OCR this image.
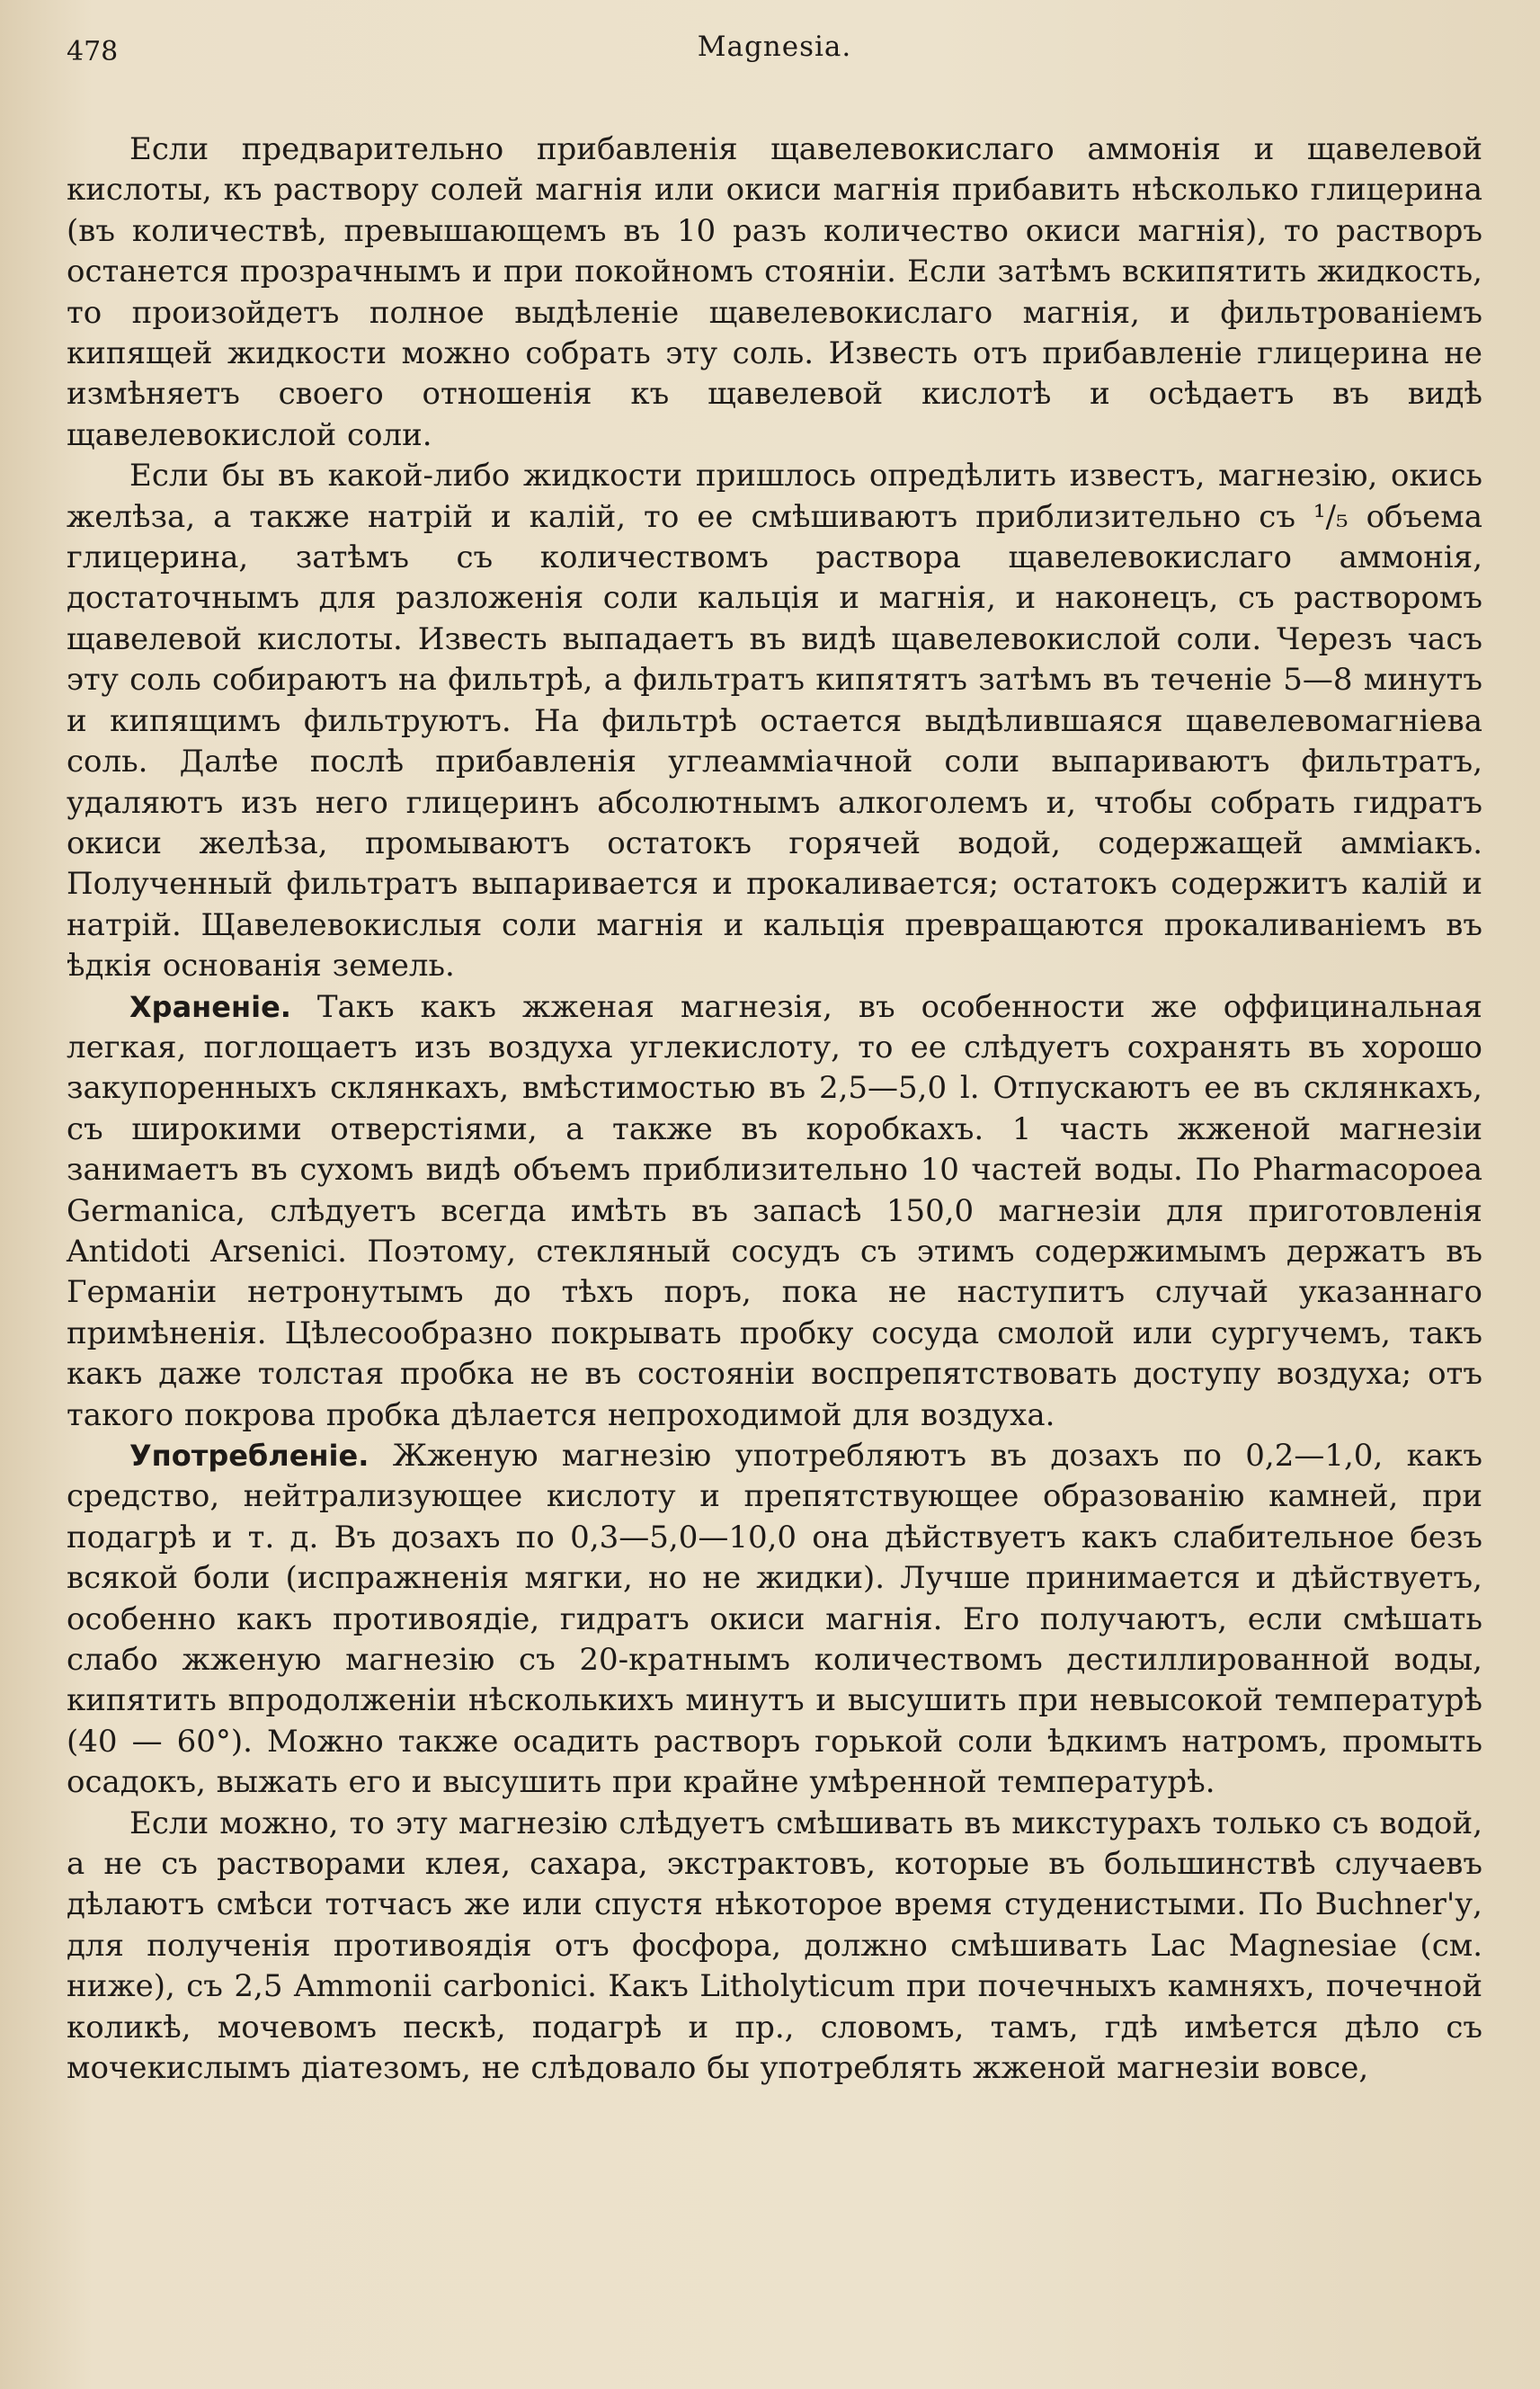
478	Magnesia.

Если предварительно прибавленія щавелевокислаго аммонія и щавелевой кислоты, къ раствору солей магнія или окиси магнія прибавить нѣсколько глицерина (въ количествѣ, превышающемъ въ 10 разъ количество окиси магнія), то растворъ останется прозрачнымъ и при покойномъ стояніи. Если затѣмъ вскипятить жидкость, то произойдетъ полное выдѣленіе щавелевокислаго магнія, и фильтрованіемъ кипящей жидкости можно собрать эту соль. Известь отъ прибавленіе глицерина не измѣняетъ своего отношенія къ щавелевой кислотѣ и осѣдаетъ въ видѣ щавелевокислой соли.

Если бы въ какой-либо жидкости пришлось опредѣлить известъ, магнезію, окись желѣза, а также натрій и калій, то ее смѣшиваютъ приблизительно съ ¹/₅ объема глицерина, затѣмъ съ количествомъ раствора щавелевокислаго аммонія, достаточнымъ для разложенія соли кальція и магнія, и наконецъ, съ растворомъ щавелевой кислоты. Известь выпадаетъ въ видѣ щавелевокислой соли. Черезъ часъ эту соль собираютъ на фильтрѣ, а фильтратъ кипятятъ затѣмъ въ теченіе 5—8 минутъ и кипящимъ фильтруютъ. На фильтрѣ остается выдѣлившаяся щавелевомагніева соль. Далѣе послѣ прибавленія углеамміачной соли выпариваютъ фильтратъ, удаляютъ изъ него глицеринъ абсолютнымъ алкоголемъ и, чтобы собрать гидратъ окиси желѣза, промываютъ остатокъ горячей водой, содержащей амміакъ. Полученный фильтратъ выпаривается и прокаливается; остатокъ содержитъ калій и натрій. Щавелевокислыя соли магнія и кальція превращаются прокаливаніемъ въ ѣдкія основанія земель.

Храненіе. Такъ какъ жженая магнезія, въ особенности же оффицинальная легкая, поглощаетъ изъ воздуха углекислоту, то ее слѣдуетъ сохранять въ хорошо закупоренныхъ склянкахъ, вмѣстимостью въ 2,5—5,0 l. Отпускаютъ ее въ склянкахъ, съ широкими отверстіями, а также въ коробкахъ. 1 часть жженой магнезіи занимаетъ въ сухомъ видѣ объемъ приблизительно 10 частей воды. По Pharmacopoea Germanica, слѣдуетъ всегда имѣть въ запасѣ 150,0 магнезіи для приготовленія Antidoti Arsenici. Поэтому, стекляный сосудъ съ этимъ содержимымъ держатъ въ Германіи нетронутымъ до тѣхъ поръ, пока не наступитъ случай указаннаго примѣненія. Цѣлесообразно покрывать пробку сосуда смолой или сургучемъ, такъ какъ даже толстая пробка не въ состояніи воспрепятствовать доступу воздуха; отъ такого покрова пробка дѣлается непроходимой для воздуха.

Употребленіе. Жженую магнезію употребляютъ въ дозахъ по 0,2—1,0, какъ средство, нейтрализующее кислоту и препятствующее образованію камней, при подагрѣ и т. д. Въ дозахъ по 0,3—5,0—10,0 она дѣйствуетъ какъ слабительное безъ всякой боли (испражненія мягки, но не жидки). Лучше принимается и дѣйствуетъ, особенно какъ противоядіе, гидратъ окиси магнія. Его получаютъ, если смѣшать слабо жженую магнезію съ 20-кратнымъ количествомъ дестиллированной воды, кипятить впродолженіи нѣсколькихъ минутъ и высушить при невысокой температурѣ (40 — 60°). Можно также осадить растворъ горькой соли ѣдкимъ натромъ, промыть осадокъ, выжать его и высушить при крайне умѣренной температурѣ.

Если можно, то эту магнезію слѣдуетъ смѣшивать въ микстурахъ только съ водой, а не съ растворами клея, сахара, экстрактовъ, которые въ большинствѣ случаевъ дѣлаютъ смѣси тотчасъ же или спустя нѣкоторое время студенистыми. По Buchner'у, для полученія противоядія отъ фосфора, должно смѣшивать Lac Magnesiae (см. ниже), съ 2,5 Ammonii carbonici. Какъ Litholyticum при почечныхъ камняхъ, почечной коликѣ, мочевомъ пескѣ, подагрѣ и пр., словомъ, тамъ, гдѣ имѣется дѣло съ мочекислымъ діатезомъ, не слѣдовало бы употреблять жженой магнезіи вовсе,
